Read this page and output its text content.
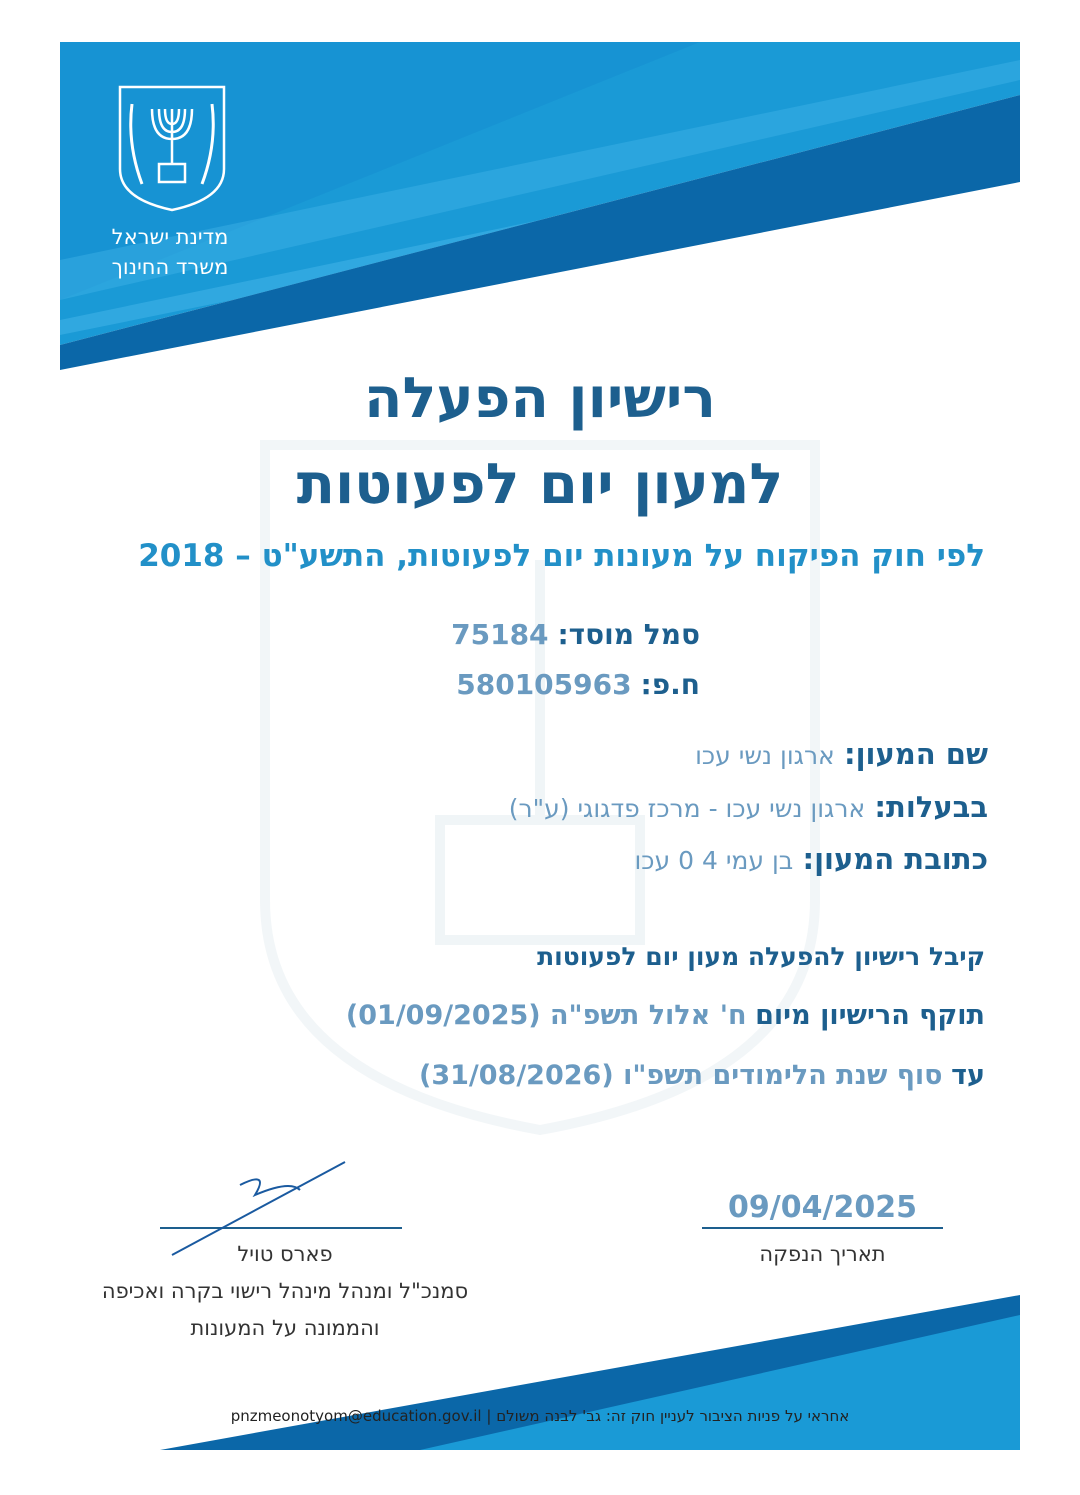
מדינת ישראל
משרד החינוך
רישיון הפעלה
למעון יום לפעוטות
לפי חוק הפיקוח על מעונות יום לפעוטות, התשע"ט – 2018
סמל מוסד: 75184
ח.פ: 580105963
שם המעון: ארגון נשי עכו
בבעלות: ארגון נשי עכו - מרכז פדגוגי (ע"ר)
כתובת המעון: בן עמי 4 0 עכו
קיבל רישיון להפעלה מעון יום לפעוטות
תוקף הרישיון מיום ח' אלול תשפ"ה (01/09/2025)
עד סוף שנת הלימודים תשפ"ו (31/08/2026)
09/04/2025
תאריך הנפקה
פארס טויל
סמנכ"ל ומנהל מינהל רישוי בקרה ואכיפה
והממונה על המעונות
אחראי על פניות הציבור לעניין חוק זה: גב' לבנה משולם | pnzmeonotyom@education.gov.il
